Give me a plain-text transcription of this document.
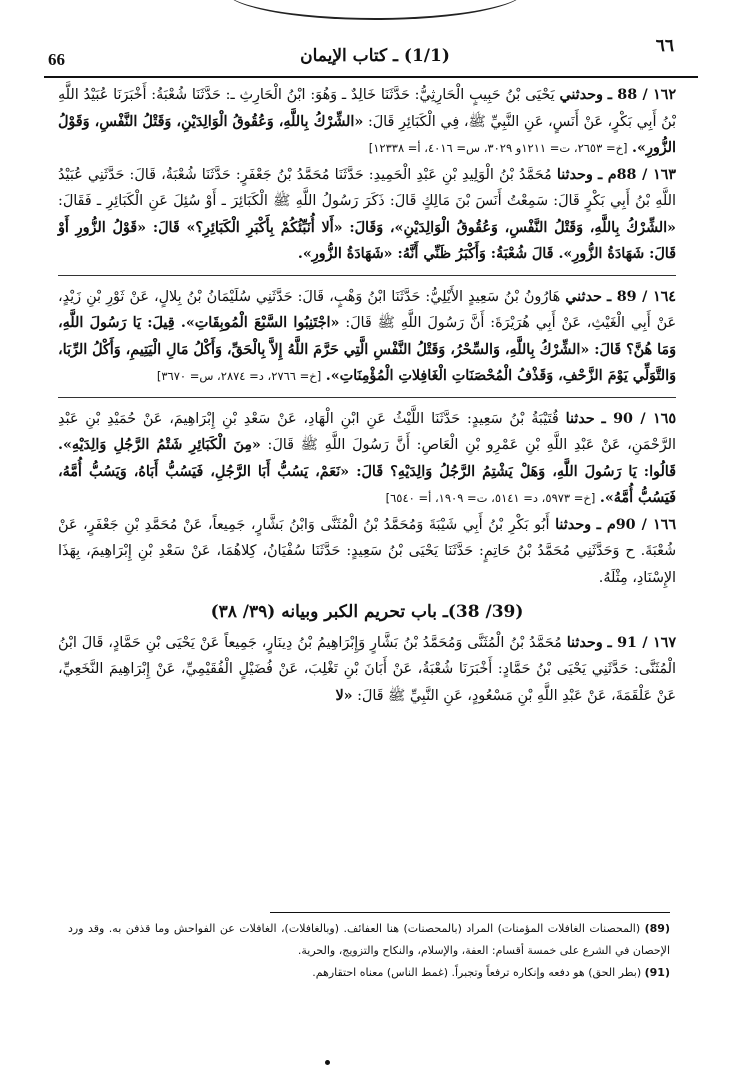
٦٦
(1/1) ـ كتاب الإيمان
66

١٦٢ / 88 ـ وحدثني يَحْيَى بْنُ حَبِيبٍ الْحَارِثِيُّ: حَدَّثَنَا خَالِدٌ ـ وَهُوَ: ابْنُ الْحَارِثِ ـ: حَدَّثَنَا شُعْبَةُ: أَخْبَرَنَا عُبَيْدُ اللَّهِ بْنُ أَبِي بَكْرٍ، عَنْ أَنَسٍ، عَنِ النَّبِيِّ ﷺ، فِي الْكَبَائِرِ قَالَ: «الشِّرْكُ بِاللَّهِ، وَعُقُوقُ الْوَالِدَيْنِ، وَقَتْلُ النَّفْسِ، وَقَوْلُ الزُّورِ». [خ= ٢٦٥٣، ت= ١٢١١و ٣٠٢٩، س= ٤٠١٦، أ= ١٢٣٣٨]

١٦٣ / 88م ـ وحدثنا مُحَمَّدُ بْنُ الْوَلِيدِ بْنِ عَبْدِ الْحَمِيدِ: حَدَّثَنَا مُحَمَّدُ بْنُ جَعْفَرٍ: حَدَّثَنَا شُعْبَةُ، قَالَ: حَدَّثَنِي عُبَيْدُ اللَّهِ بْنُ أَبِي بَكْرٍ قَالَ: سَمِعْتُ أَنَسَ بْنَ مَالِكٍ قَالَ: ذَكَرَ رَسُولُ اللَّهِ ﷺ الْكَبَائِرَ ـ أَوْ سُئِلَ عَنِ الْكَبَائِرِ ـ فَقَالَ: «الشِّرْكُ بِاللَّهِ، وَقَتْلُ النَّفْسِ، وَعُقُوقُ الْوَالِدَيْنِ»، وَقَالَ: «أَلا أُنَبِّئُكُمْ بِأَكْبَرِ الْكَبَائِرِ؟» قَالَ: «قَوْلُ الزُّورِ أَوْ قَالَ: شَهَادَةُ الزُّورِ». قَالَ شُعْبَةُ: وَأَكْبَرُ ظَنِّي أَنَّهُ: «شَهَادَةُ الزُّورِ».

١٦٤ / 89 ـ حدثني هَارُونُ بْنُ سَعِيدٍ الأَيْلِيُّ: حَدَّثَنَا ابْنُ وَهْبٍ، قَالَ: حَدَّثَنِي سُلَيْمَانُ بْنُ بِلالٍ، عَنْ ثَوْرِ بْنِ زَيْدٍ، عَنْ أَبِي الْغَيْثِ، عَنْ أَبِي هُرَيْرَةَ: أَنَّ رَسُولَ اللَّهِ ﷺ قَالَ: «اجْتَنِبُوا السَّبْعَ الْمُوبِقَاتِ». قِيلَ: يَا رَسُولَ اللَّهِ، وَمَا هُنَّ؟ قَالَ: «الشِّرْكُ بِاللَّهِ، وَالسِّحْرُ، وَقَتْلُ النَّفْسِ الَّتِي حَرَّمَ اللَّهُ إِلاَّ بِالْحَقِّ، وَأَكْلُ مَالِ الْيَتِيمِ، وَأَكْلُ الرِّبَا، وَالتَّوَلِّي يَوْمَ الزَّحْفِ، وَقَذْفُ الْمُحْصَنَاتِ الْغَافِلاتِ الْمُؤْمِنَاتِ». [خ= ٢٧٦٦، د= ٢٨٧٤، س= ٣٦٧٠]

١٦٥ / 90 ـ حدثنا قُتَيْبَةُ بْنُ سَعِيدٍ: حَدَّثَنَا اللَّيْثُ عَنِ ابْنِ الْهَادِ، عَنْ سَعْدِ بْنِ إِبْرَاهِيمَ، عَنْ حُمَيْدِ بْنِ عَبْدِ الرَّحْمَنِ، عَنْ عَبْدِ اللَّهِ بْنِ عَمْرِو بْنِ الْعَاصِ: أَنَّ رَسُولَ اللَّهِ ﷺ قَالَ: «مِنَ الْكَبَائِرِ شَتْمُ الرَّجُلِ وَالِدَيْهِ». قَالُوا: يَا رَسُولَ اللَّهِ، وَهَلْ يَشْتِمُ الرَّجُلُ وَالِدَيْهِ؟ قَالَ: «نَعَمْ، يَسُبُّ أَبَا الرَّجُلِ، فَيَسُبُّ أَبَاهُ، وَيَسُبُّ أُمَّهُ، فَيَسُبُّ أُمَّهُ». [خ= ٥٩٧٣، د= ٥١٤١، ت= ١٩٠٩، أ= ٦٥٤٠]

١٦٦ / 90م ـ وحدثنا أَبُو بَكْرِ بْنُ أَبِي شَيْبَةَ وَمُحَمَّدُ بْنُ الْمُثَنَّى وَابْنُ بَشَّارٍ، جَمِيعاً، عَنْ مُحَمَّدِ بْنِ جَعْفَرٍ، عَنْ شُعْبَةَ. ح وَحَدَّثَنِي مُحَمَّدُ بْنُ حَاتِمٍ: حَدَّثَنَا يَحْيَى بْنُ سَعِيدٍ: حَدَّثَنَا سُفْيَانُ، كِلاهُمَا، عَنْ سَعْدِ بْنِ إِبْرَاهِيمَ، بِهَذَا الإِسْنَادِ، مِثْلَهُ.

(39/ 38)ـ باب تحريم الكبر وبيانه (٣٩/ ٣٨)

١٦٧ / 91 ـ وحدثنا مُحَمَّدُ بْنُ الْمُثَنَّى وَمُحَمَّدُ بْنُ بَشَّارٍ وَإِبْرَاهِيمُ بْنُ دِينَارٍ، جَمِيعاً عَنْ يَحْيَى بْنِ حَمَّادٍ، قَالَ ابْنُ الْمُثَنَّى: حَدَّثَنِي يَحْيَى بْنُ حَمَّادٍ: أَخْبَرَنَا شُعْبَةُ، عَنْ أَبَانَ بْنِ تَغْلِبَ، عَنْ فُضَيْلٍ الْفُقَيْمِيِّ، عَنْ إِبْرَاهِيمَ النَّخَعِيِّ، عَنْ عَلْقَمَةَ، عَنْ عَبْدِ اللَّهِ بْنِ مَسْعُودٍ، عَنِ النَّبِيِّ ﷺ قَالَ: «لا

(89) (المحصنات الغافلات المؤمنات) المراد (بالمحصنات) هنا العفائف. (وبالغافلات)، الغافلات عن الفواحش وما قذفن به. وقد ورد الإحصان في الشرع على خمسة أقسام: العفة، والإسلام، والنكاح والتزويج، والحرية.

(91) (بطر الحق) هو دفعه وإنكاره ترفعاً وتجبراً. (غمط الناس) معناه احتقارهم.
